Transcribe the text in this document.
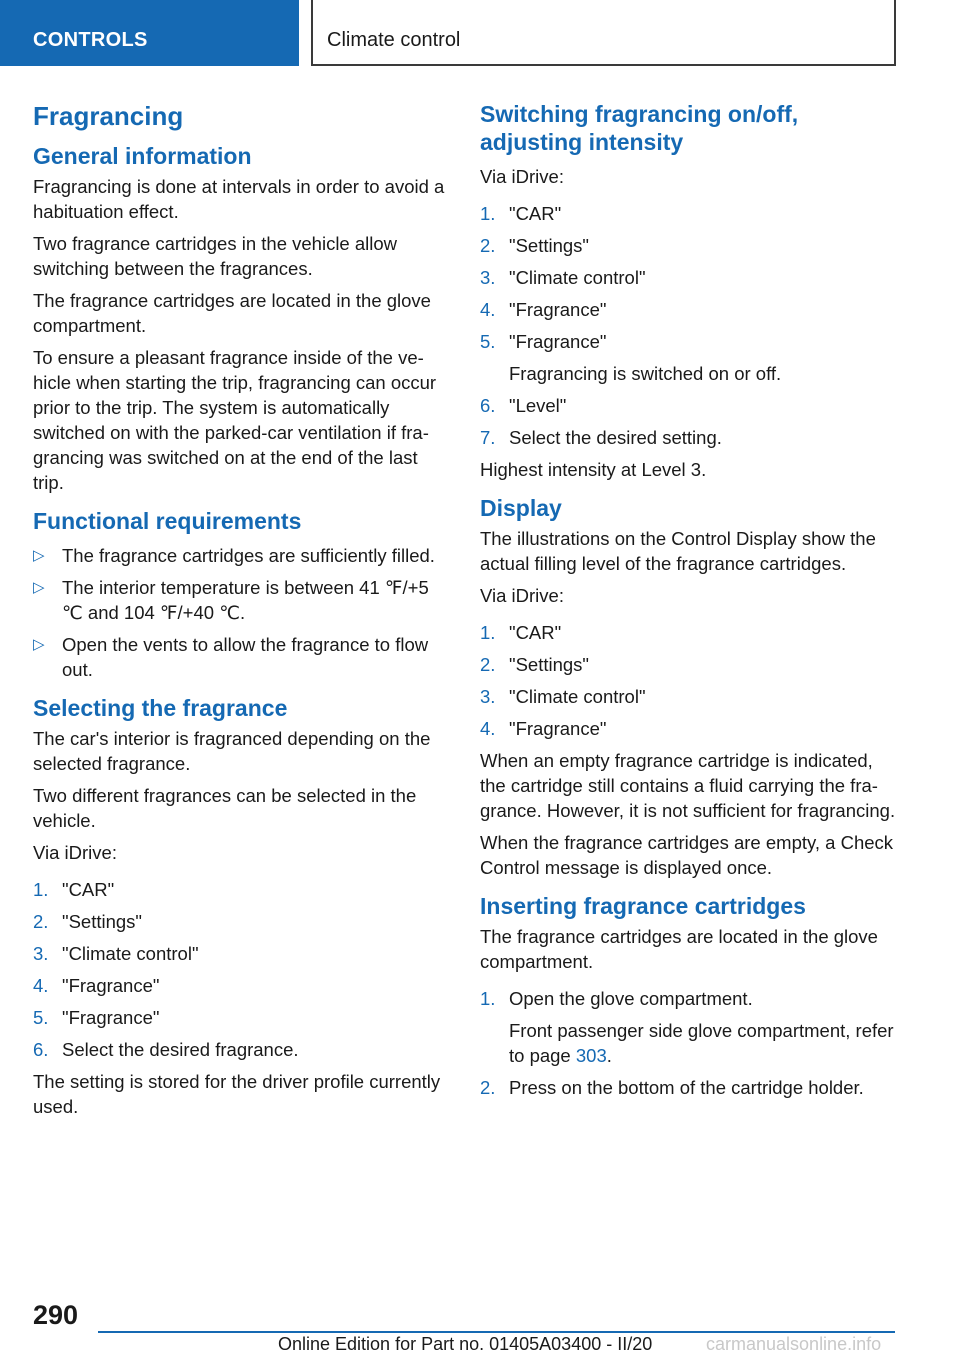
CONTROLS	Climate control
Fragrancing
General information

Fragrancing is done at intervals in order to avoid a habituation effect.

Two fragrance cartridges in the vehicle allow switching between the fragrances.

The fragrance cartridges are located in the glove compartment.

To ensure a pleasant fragrance inside of the vehicle when starting the trip, fragrancing can occur prior to the trip. The system is automatically switched on with the parked-car ventilation if fragrancing was switched on at the end of the last trip.

Functional requirements
▷ The fragrance cartridges are sufficiently filled.
▷ The interior temperature is between 41 ℉/+5 ℃ and 104 ℉/+40 ℃.
▷ Open the vents to allow the fragrance to flow out.
Selecting the fragrance

The car's interior is fragranced depending on the selected fragrance.

Two different fragrances can be selected in the vehicle.

Via iDrive:

1. "CAR"
2. "Settings"
3. "Climate control"
4. "Fragrance"
5. "Fragrance"
6. Select the desired fragrance.

The setting is stored for the driver profile currently used.

Switching fragrancing on/off, adjusting intensity

Via iDrive:

1. "CAR"
2. "Settings"
3. "Climate control"
4. "Fragrance"
5. "Fragrance"
Fragrancing is switched on or off.
6. "Level"
7. Select the desired setting.

Highest intensity at Level 3.

Display

The illustrations on the Control Display show the actual filling level of the fragrance cartridges.

Via iDrive:

1. "CAR"
2. "Settings"
3. "Climate control"
4. "Fragrance"

When an empty fragrance cartridge is indicated, the cartridge still contains a fluid carrying the fragrance. However, it is not sufficient for fragrancing.

When the fragrance cartridges are empty, a Check Control message is displayed once.

Inserting fragrance cartridges

The fragrance cartridges are located in the glove compartment.

1. Open the glove compartment.
Front passenger side glove compartment, refer to page 303.
2. Press on the bottom of the cartridge holder.
290
Online Edition for Part no. 01405A03400 - II/20	carmanualsonline.info
